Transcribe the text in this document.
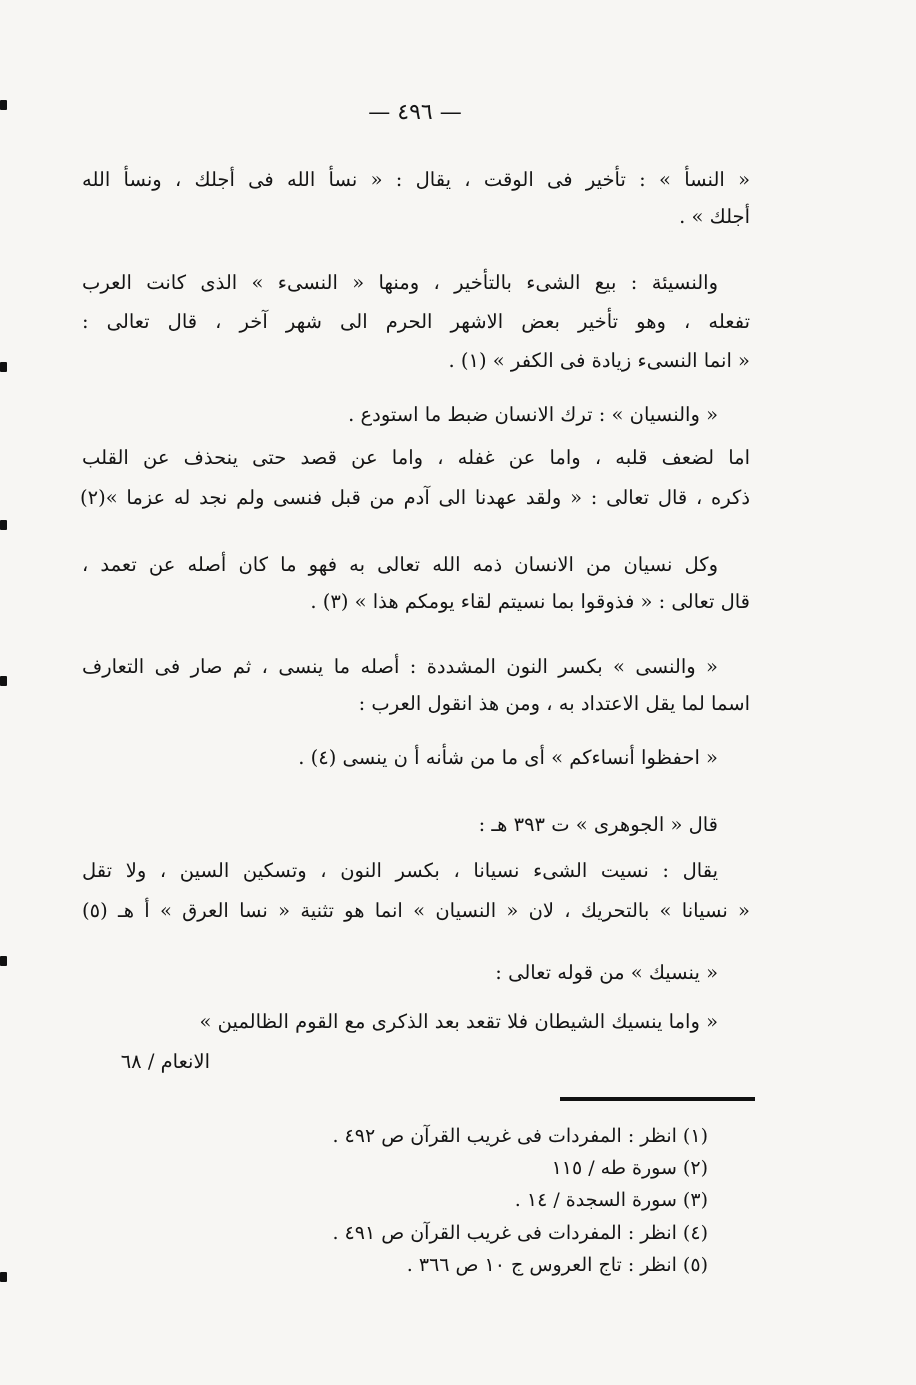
— ٤٩٦ —
« النسأ » : تأخير فى الوقت ، يقال : « نسأ الله فى أجلك ، ونسأ الله
أجلك » .
والنسيئة : بيع الشىء بالتأخير ، ومنها « النسىء » الذى كانت العرب
تفعله ، وهو تأخير بعض الاشهر الحرم الى شهر آخر ، قال تعالى :
« انما النسىء زيادة فى الكفر » (١) .
« والنسيان » : ترك الانسان ضبط ما استودع .
اما لضعف قلبه ، واما عن غفله ، واما عن قصد حتى ينحذف عن القلب
ذكره ، قال تعالى : « ولقد عهدنا الى آدم من قبل فنسى ولم نجد له عزما »(٢)
وكل نسيان من الانسان ذمه الله تعالى به فهو ما كان أصله عن تعمد ،
قال تعالى : « فذوقوا بما نسيتم لقاء يومكم هذا » (٣) .
« والنسى » بكسر النون المشددة : أصله ما ينسى ، ثم صار فى التعارف
اسما لما يقل الاعتداد به ، ومن هذ انقول العرب :
« احفظوا أنساءكم » أى ما من شأنه أ ن ينسى (٤) .
قال « الجوهرى » ت ٣٩٣ هـ :
يقال : نسيت الشىء نسيانا ، بكسر النون ، وتسكين السين ، ولا تقل
« نسيانا » بالتحريك ، لان « النسيان » انما هو تثنية « نسا العرق » أ هـ (٥)
« ينسيك » من قوله تعالى :
« واما ينسيك الشيطان فلا تقعد بعد الذكرى مع القوم الظالمين »
الانعام / ٦٨
(١) انظر : المفردات فى غريب القرآن ص ٤٩٢ .
(٢) سورة طه / ١١٥
(٣) سورة السجدة / ١٤ .
(٤) انظر : المفردات فى غريب القرآن ص ٤٩١ .
(٥) انظر : تاج العروس ج ١٠ ص ٣٦٦ .
